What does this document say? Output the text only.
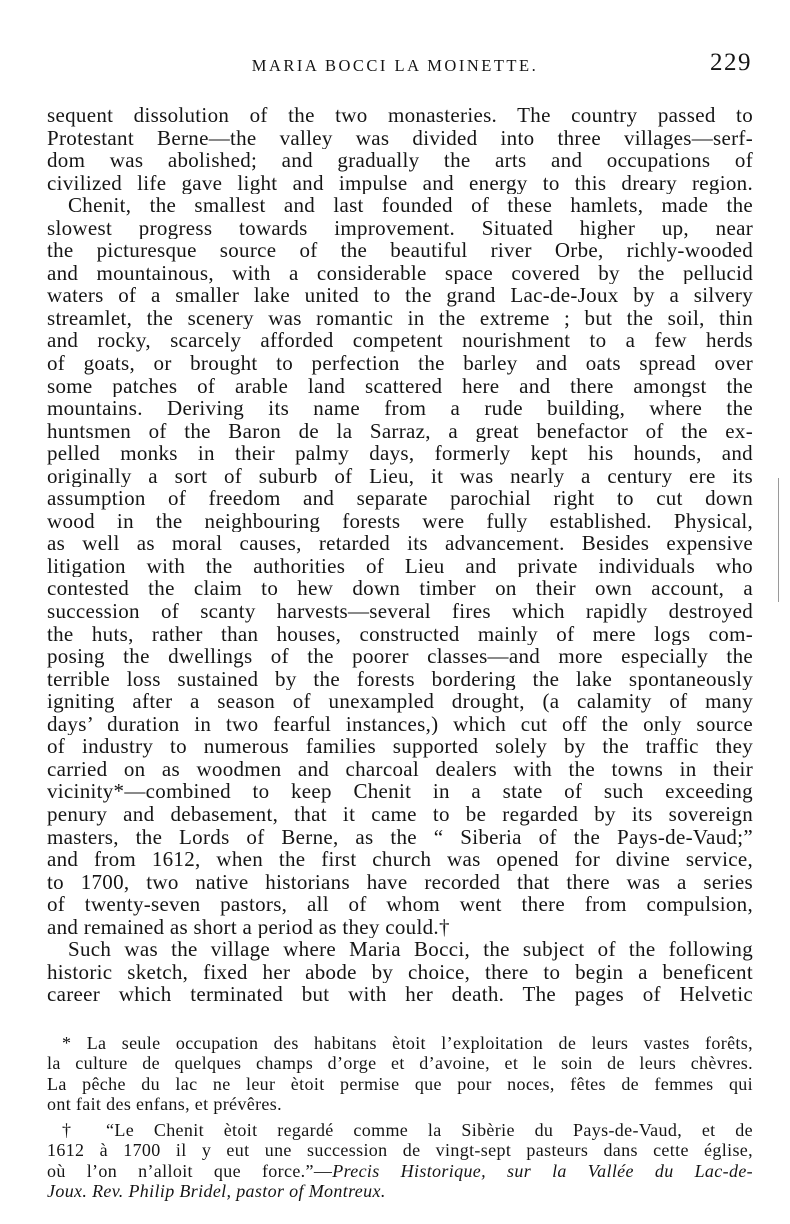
MARIA BOCCI LA MOINETTE.	229
sequent dissolution of the two monasteries. The country passed to
Protestant Berne—the valley was divided into three villages—serf-
dom was abolished; and gradually the arts and occupations of
civilized life gave light and impulse and energy to this dreary region.
Chenit, the smallest and last founded of these hamlets, made the
slowest progress towards improvement. Situated higher up, near
the picturesque source of the beautiful river Orbe, richly-wooded
and mountainous, with a considerable space covered by the pellucid
waters of a smaller lake united to the grand Lac-de-Joux by a silvery
streamlet, the scenery was romantic in the extreme ; but the soil, thin
and rocky, scarcely afforded competent nourishment to a few herds
of goats, or brought to perfection the barley and oats spread over
some patches of arable land scattered here and there amongst the
mountains. Deriving its name from a rude building, where the
huntsmen of the Baron de la Sarraz, a great benefactor of the ex-
pelled monks in their palmy days, formerly kept his hounds, and
originally a sort of suburb of Lieu, it was nearly a century ere its
assumption of freedom and separate parochial right to cut down
wood in the neighbouring forests were fully established. Physical,
as well as moral causes, retarded its advancement. Besides expensive
litigation with the authorities of Lieu and private individuals who
contested the claim to hew down timber on their own account, a
succession of scanty harvests—several fires which rapidly destroyed
the huts, rather than houses, constructed mainly of mere logs com-
posing the dwellings of the poorer classes—and more especially the
terrible loss sustained by the forests bordering the lake spontaneously
igniting after a season of unexampled drought, (a calamity of many
days’ duration in two fearful instances,) which cut off the only source
of industry to numerous families supported solely by the traffic they
carried on as woodmen and charcoal dealers with the towns in their
vicinity*—combined to keep Chenit in a state of such exceeding
penury and debasement, that it came to be regarded by its sovereign
masters, the Lords of Berne, as the “ Siberia of the Pays-de-Vaud;”
and from 1612, when the first church was opened for divine service,
to 1700, two native historians have recorded that there was a series
of twenty-seven pastors, all of whom went there from compulsion,
and remained as short a period as they could.†
Such was the village where Maria Bocci, the subject of the following
historic sketch, fixed her abode by choice, there to begin a beneficent
career which terminated but with her death. The pages of Helvetic
* La seule occupation des habitans ètoit l’exploitation de leurs vastes forêts,
la culture de quelques champs d’orge et d’avoine, et le soin de leurs chèvres.
La pêche du lac ne leur ètoit permise que pour noces, fêtes de femmes qui
ont fait des enfans, et prévêres.
† “Le Chenit ètoit regardé comme la Sibèrie du Pays-de-Vaud, et de
1612 à 1700 il y eut une succession de vingt-sept pasteurs dans cette église,
où l’on n’alloit que force.”—Precis Historique, sur la Vallée du Lac-de-
Joux. Rev. Philip Bridel, pastor of Montreux.
